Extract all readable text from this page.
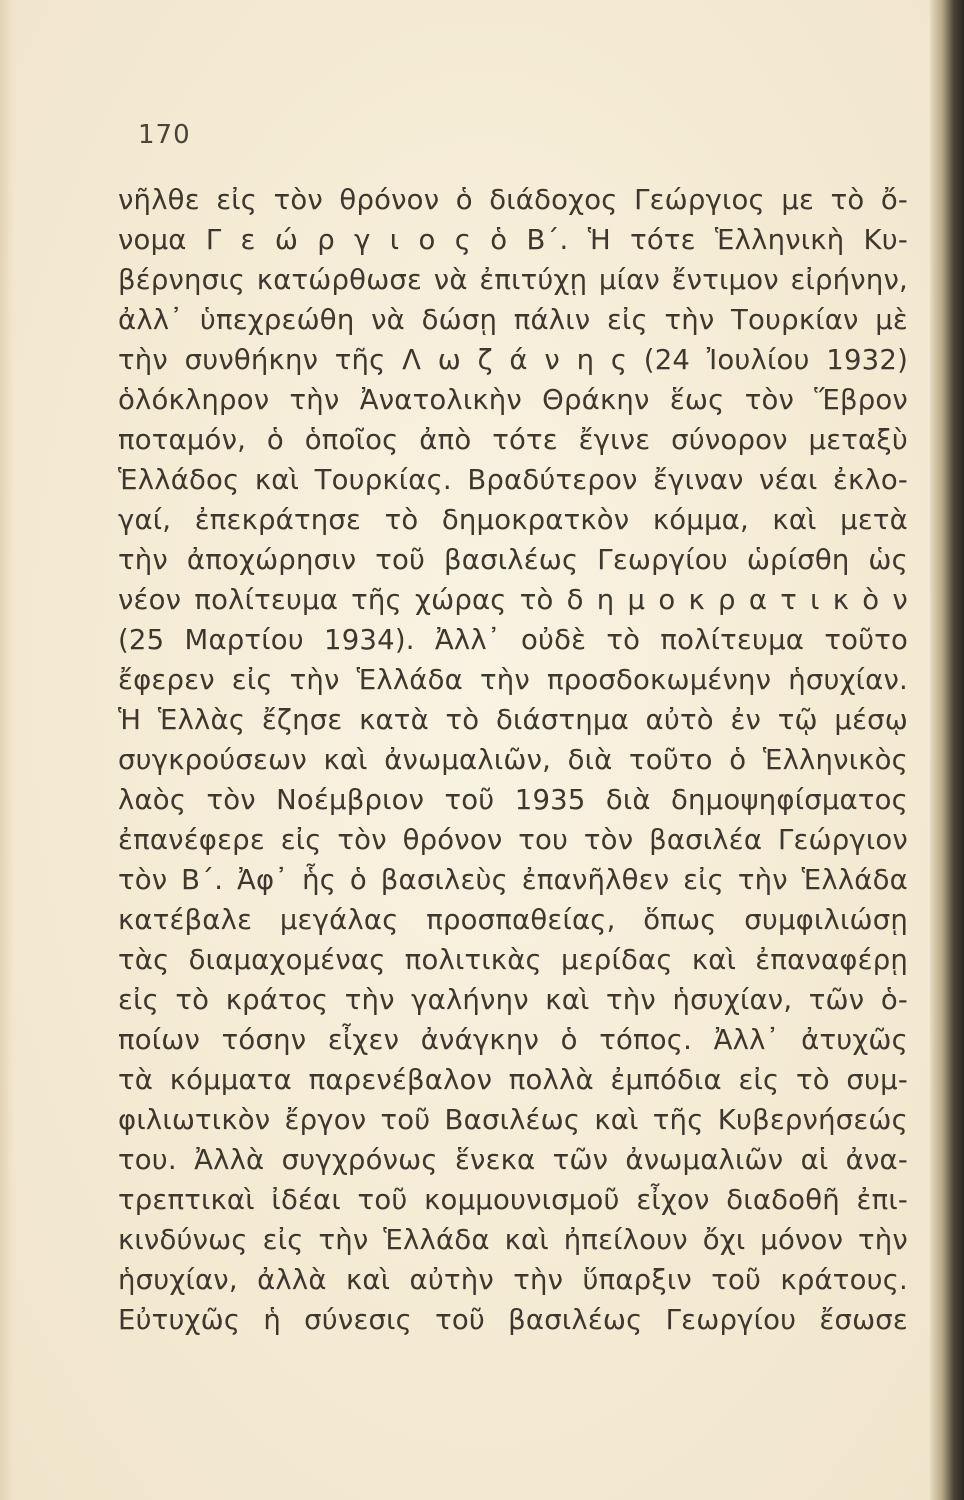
170
νῆλθε εἰς τὸν θρόνον ὁ διάδοχος Γεώργιος με τὸ ὄ-
νομα Γ ε ώ ρ γ ι ο ς ὁ Β΄. Ἡ τότε Ἑλληνικὴ Κυ-
βέρνησις κατώρθωσε νὰ ἐπιτύχῃ μίαν ἔντιμον εἰρήνην,
ἀλλ᾿ ὑπεχρεώθη νὰ δώσῃ πάλιν εἰς τὴν Τουρκίαν μὲ
τὴν συνθήκην τῆς Λ ω ζ ά ν η ς (24 Ἰουλίου 1932)
ὁλόκληρον τὴν Ἀνατολικὴν Θράκην ἕως τὸν Ἕβρον
ποταμόν, ὁ ὁποῖος ἀπὸ τότε ἔγινε σύνορον μεταξὺ
Ἑλλάδος καὶ Τουρκίας. Βραδύτερον ἔγιναν νέαι ἐκλο-
γαί, ἐπεκράτησε τὸ δημοκρατκὸν κόμμα, καὶ μετὰ
τὴν ἀποχώρησιν τοῦ βασιλέως Γεωργίου ὡρίσθη ὡς
νέον πολίτευμα τῆς χώρας τὸ δ η μ ο κ ρ α τ ι κ ὸ ν
(25 Μαρτίου 1934). Ἀλλ᾿ οὐδὲ τὸ πολίτευμα τοῦτο
ἔφερεν εἰς τὴν Ἑλλάδα τὴν προσδοκωμένην ἡσυχίαν.
Ἡ Ἑλλὰς ἔζησε κατὰ τὸ διάστημα αὐτὸ ἐν τῷ μέσῳ
συγκρούσεων καὶ ἀνωμαλιῶν, διὰ τοῦτο ὁ Ἑλληνικὸς
λαὸς τὸν Νοέμβριον τοῦ 1935 διὰ δημοψηφίσματος
ἐπανέφερε εἰς τὸν θρόνον του τὸν βασιλέα Γεώργιον
τὸν Β΄. Ἀφ᾿ ἧς ὁ βασιλεὺς ἐπανῆλθεν εἰς τὴν Ἑλλάδα
κατέβαλε μεγάλας προσπαθείας, ὅπως συμφιλιώσῃ
τὰς διαμαχομένας πολιτικὰς μερίδας καὶ ἐπαναφέρῃ
εἰς τὸ κράτος τὴν γαλήνην καὶ τὴν ἡσυχίαν, τῶν ὁ-
ποίων τόσην εἶχεν ἀνάγκην ὁ τόπος. Ἀλλ᾿ ἀτυχῶς
τὰ κόμματα παρενέβαλον πολλὰ ἐμπόδια εἰς τὸ συμ-
φιλιωτικὸν ἔργον τοῦ Βασιλέως καὶ τῆς Κυβερνήσεώς
του. Ἀλλὰ συγχρόνως ἕνεκα τῶν ἀνωμαλιῶν αἱ ἀνα-
τρεπτικαὶ ἰδέαι τοῦ κομμουνισμοῦ εἶχον διαδοθῆ ἐπι-
κινδύνως εἰς τὴν Ἑλλάδα καὶ ἠπείλουν ὄχι μόνον τὴν
ἡσυχίαν, ἀλλὰ καὶ αὐτὴν τὴν ὕπαρξιν τοῦ κράτους.
Εὐτυχῶς ἡ σύνεσις τοῦ βασιλέως Γεωργίου ἔσωσε
